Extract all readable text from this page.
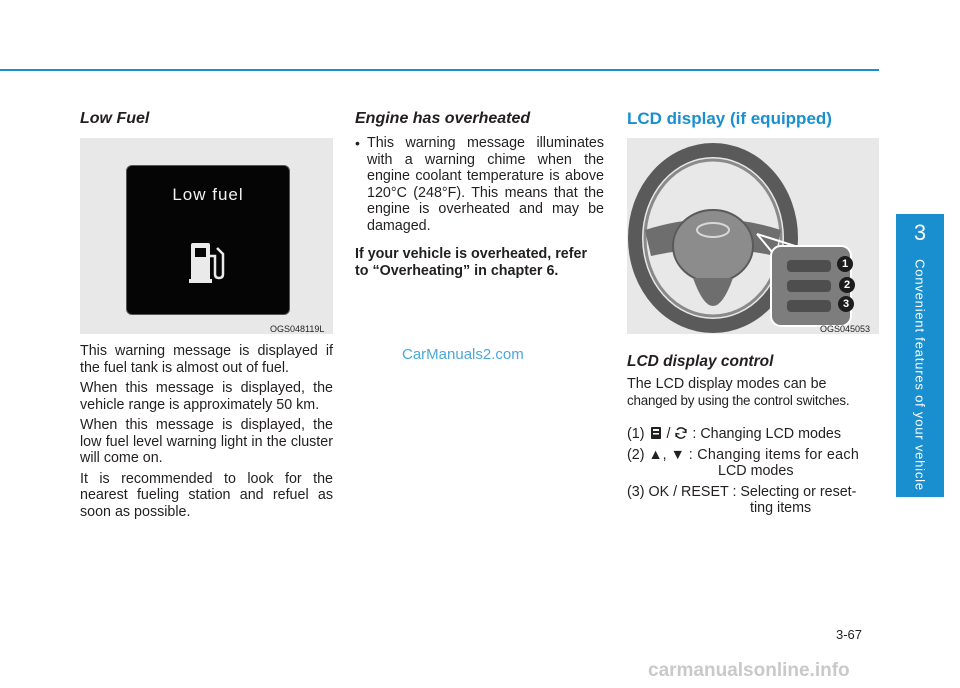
3
Convenient features of your vehicle
Low Fuel
Low fuel
OGS048119L

This warning message is displayed if the fuel tank is almost out of fuel.

When this message is displayed, the vehicle range is approximately 50 km.

When this message is displayed, the low fuel level warning light in the cluster will come on.

It is recommended to look for the nearest fueling station and refuel as soon as possible.

Engine has overheated
• This warning message illuminates with a warning chime when the engine coolant temperature is above 120°C (248°F). This means that the engine is overheated and may be damaged.

If your vehicle is overheated, refer to “Overheating” in chapter 6.

LCD display (if equipped)
1
2
3
OGS045053
LCD display control

The LCD display modes can be

changed by using the control switches.

(1)  /  : Changing LCD modes
(2) ▲, ▼ : Changing items for each
LCD modes
(3) OK / RESET : Selecting or reset-
ting items
CarManuals2.com
3-67
carmanualsonline.info
